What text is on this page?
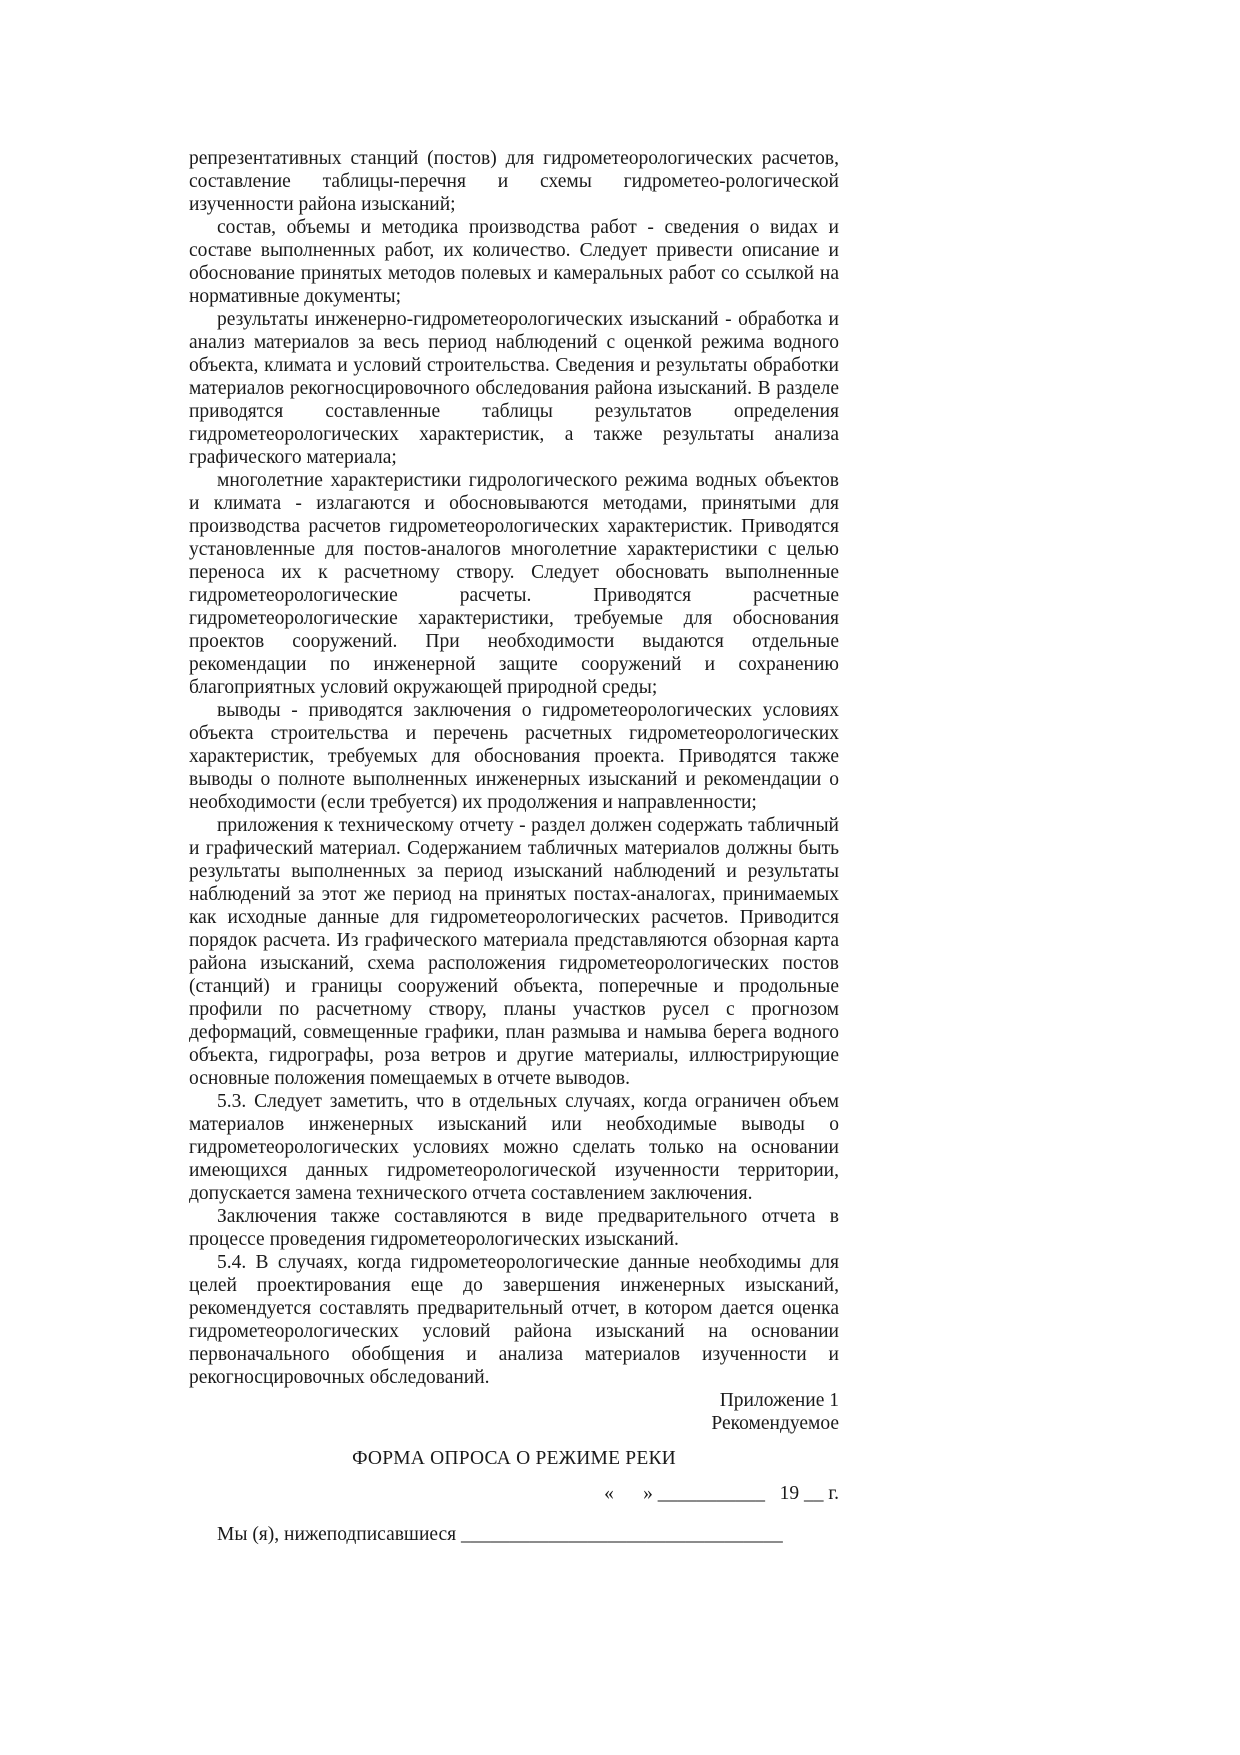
репрезентативных станций (постов) для гидрометеорологических расчетов, составление таблицы-перечня и схемы гидрометео-рологической изученности района изысканий;

состав, объемы и методика производства работ - сведения о видах и составе выполненных работ, их количество. Следует привести описание и обоснование принятых методов полевых и камеральных работ со ссылкой на нормативные документы;

результаты инженерно-гидрометеорологических изысканий - обработка и анализ материалов за весь период наблюдений с оценкой режима водного объекта, климата и условий строительства. Сведения и результаты обработки материалов рекогносцировочного обследования района изысканий. В разделе приводятся составленные таблицы результатов определения гидрометеорологических характеристик, а также результаты анализа графического материала;

многолетние характеристики гидрологического режима водных объектов и климата - излагаются и обосновываются методами, принятыми для производства расчетов гидрометеорологических характеристик. Приводятся установленные для постов-аналогов многолетние характеристики с целью переноса их к расчетному створу. Следует обосновать выполненные гидрометеорологические расчеты. Приводятся расчетные гидрометеорологические характеристики, требуемые для обоснования проектов сооружений. При необходимости выдаются отдельные рекомендации по инженерной защите сооружений и сохранению благоприятных условий окружающей природной среды;

выводы - приводятся заключения о гидрометеорологических условиях объекта строительства и перечень расчетных гидрометеорологических характеристик, требуемых для обоснования проекта. Приводятся также выводы о полноте выполненных инженерных изысканий и рекомендации о необходимости (если требуется) их продолжения и направленности;

приложения к техническому отчету - раздел должен содержать табличный и графический материал. Содержанием табличных материалов должны быть результаты выполненных за период изысканий наблюдений и результаты наблюдений за этот же период на принятых постах-аналогах, принимаемых как исходные данные для гидрометеорологических расчетов. Приводится порядок расчета. Из графического материала представляются обзорная карта района изысканий, схема расположения гидрометеорологических постов (станций) и границы сооружений объекта, поперечные и продольные профили по расчетному створу, планы участков русел с прогнозом деформаций, совмещенные графики, план размыва и намыва берега водного объекта, гидрографы, роза ветров и другие материалы, иллюстрирующие основные положения помещаемых в отчете выводов.

5.3. Следует заметить, что в отдельных случаях, когда ограничен объем материалов инженерных изысканий или необходимые выводы о гидрометеорологических условиях можно сделать только на основании имеющихся данных гидрометеорологической изученности территории, допускается замена технического отчета составлением заключения.

Заключения также составляются в виде предварительного отчета в процессе проведения гидрометеорологических изысканий.

5.4. В случаях, когда гидрометеорологические данные необходимы для целей проектирования еще до завершения инженерных изысканий, рекомендуется составлять предварительный отчет, в котором дается оценка гидрометеорологических условий района изысканий на основании первоначального обобщения и анализа материалов изученности и рекогносцировочных обследований.

Приложение 1
Рекомендуемое
ФОРМА ОПРОСА О РЕЖИМЕ РЕКИ
«      » ___________   19 __ г.
Мы (я), нижеподписавшиеся _________________________________
